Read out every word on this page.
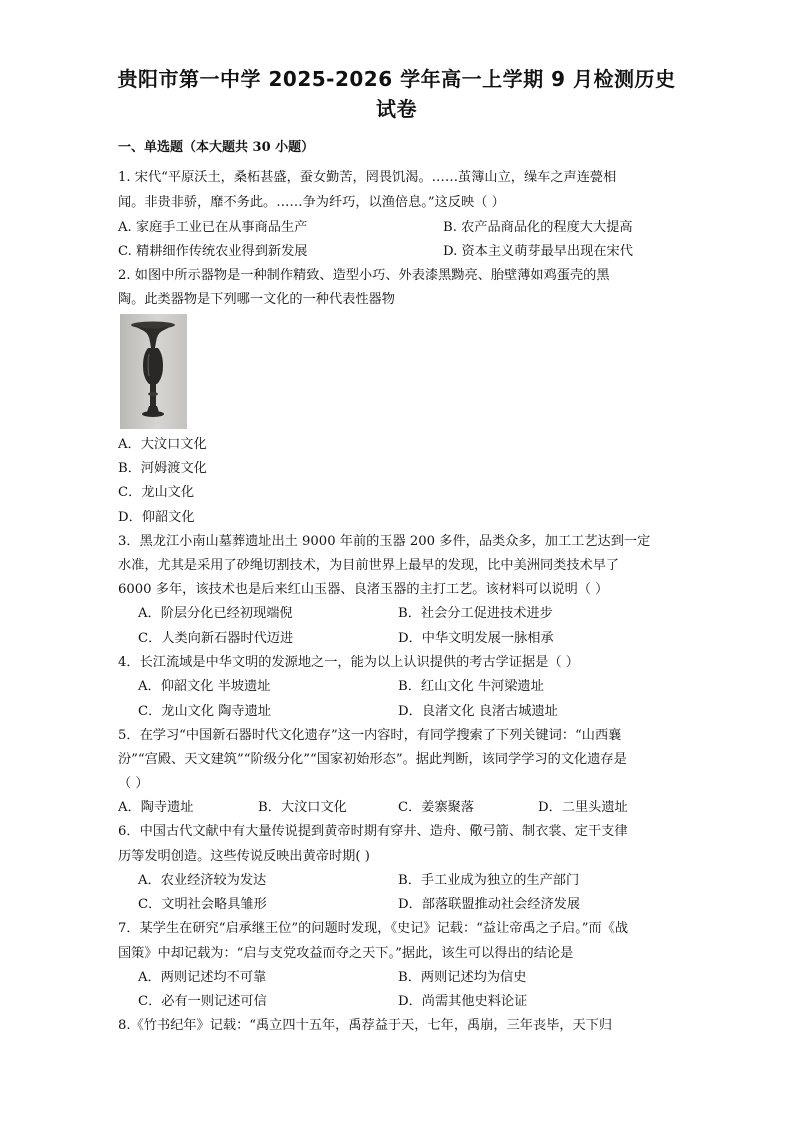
贵阳市第一中学 2025-2026 学年高一上学期 9 月检测历史
试卷
一、单选题（本大题共 30 小题）
1. 宋代“平原沃土，桑柘甚盛，蚕女勤苦，罔畏饥渴。……茧簿山立，缲车之声连甍相
闻。非贵非骄，靡不务此。……争为纤巧，以渔倍息。”这反映（ ）
A. 家庭手工业已在从事商品生产	B. 农产品商品化的程度大大提高
C. 精耕细作传统农业得到新发展	D. 资本主义萌芽最早出现在宋代
2. 如图中所示器物是一种制作精致、造型小巧、外表漆黑黝亮、胎壁薄如鸡蛋壳的黑
陶。此类器物是下列哪一文化的一种代表性器物
A．大汶口文化
B．河姆渡文化
C．龙山文化
D．仰韶文化
3．黑龙江小南山墓葬遗址出土 9000 年前的玉器 200 多件，品类众多，加工工艺达到一定
水准，尤其是采用了砂绳切割技术，为目前世界上最早的发现，比中美洲同类技术早了
6000 多年，该技术也是后来红山玉器、良渚玉器的主打工艺。该材料可以说明（ ）
A．阶层分化已经初现端倪	B．社会分工促进技术进步
C．人类向新石器时代迈进	D．中华文明发展一脉相承
4．长江流域是中华文明的发源地之一，能为以上认识提供的考古学证据是（ ）
A．仰韶文化 半坡遗址	B．红山文化 牛河梁遗址
C．龙山文化 陶寺遗址	D．良渚文化 良渚古城遗址
5．在学习“中国新石器时代文化遗存”这一内容时，有同学搜索了下列关键词：“山西襄
汾”“宫殿、天文建筑”“阶级分化”“国家初始形态”。据此判断，该同学学习的文化遗存是
（ ）
A．陶寺遗址	B．大汶口文化	C．姜寨聚落	D．二里头遗址
6．中国古代文献中有大量传说提到黄帝时期有穿井、造舟、儆弓箭、制衣裳、定干支律
历等发明创造。这些传说反映出黄帝时期( )
A．农业经济较为发达	B．手工业成为独立的生产部门
C．文明社会略具雏形	D．部落联盟推动社会经济发展
7．某学生在研究“启承继王位”的问题时发现，《史记》记载：“益让帝禹之子启。”而《战
国策》中却记载为：“启与支党攻益而夺之天下。”据此，该生可以得出的结论是
A．两则记述均不可靠	B．两则记述均为信史
C．必有一则记述可信	D．尚需其他史料论证
8.《竹书纪年》记载：“禹立四十五年，禹荐益于天，七年，禹崩，三年丧毕，天下归
